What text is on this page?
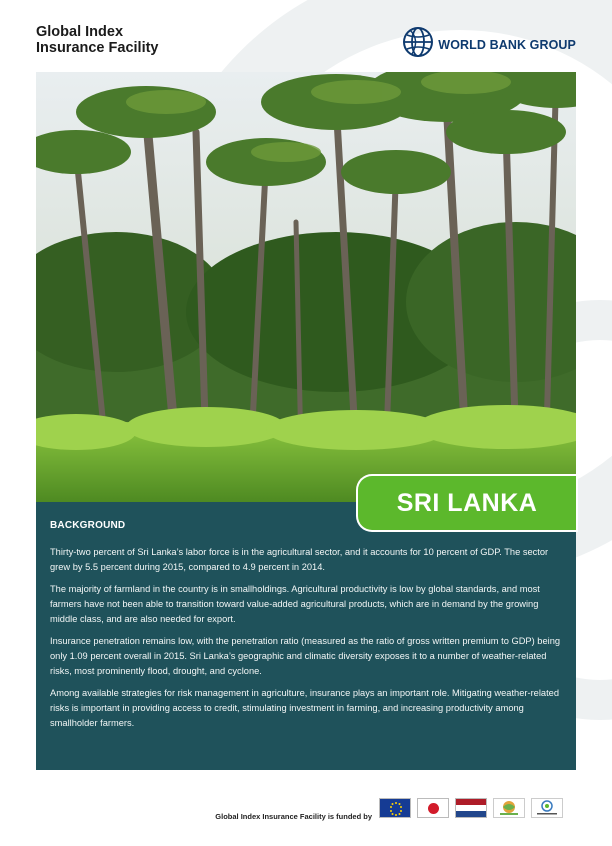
Global Index
Insurance Facility	WORLD BANK GROUP
SRI LANKA
BACKGROUND

Thirty-two percent of Sri Lanka’s labor force is in the agricultural sector, and it accounts for 10 percent of GDP. The sector grew by 5.5 percent during 2015, compared to 4.9 percent in 2014.

The majority of farmland in the country is in smallholdings. Agricultural productivity is low by global standards, and most farmers have not been able to transition toward value-added agricultural products, which are in demand by the growing middle class, and are also needed for export.

Insurance penetration remains low, with the penetration ratio (measured as the ratio of gross written premium to GDP) being only 1.09 percent overall in 2015. Sri Lanka’s geographic and climatic diversity exposes it to a number of weather-related risks, most prominently flood, drought, and cyclone.

Among available strategies for risk management in agriculture, insurance plays an important role. Mitigating weather-related risks is important in providing access to credit, stimulating investment in farming, and increasing productivity among smallholder farmers.

Global Index Insurance Facility is funded by
